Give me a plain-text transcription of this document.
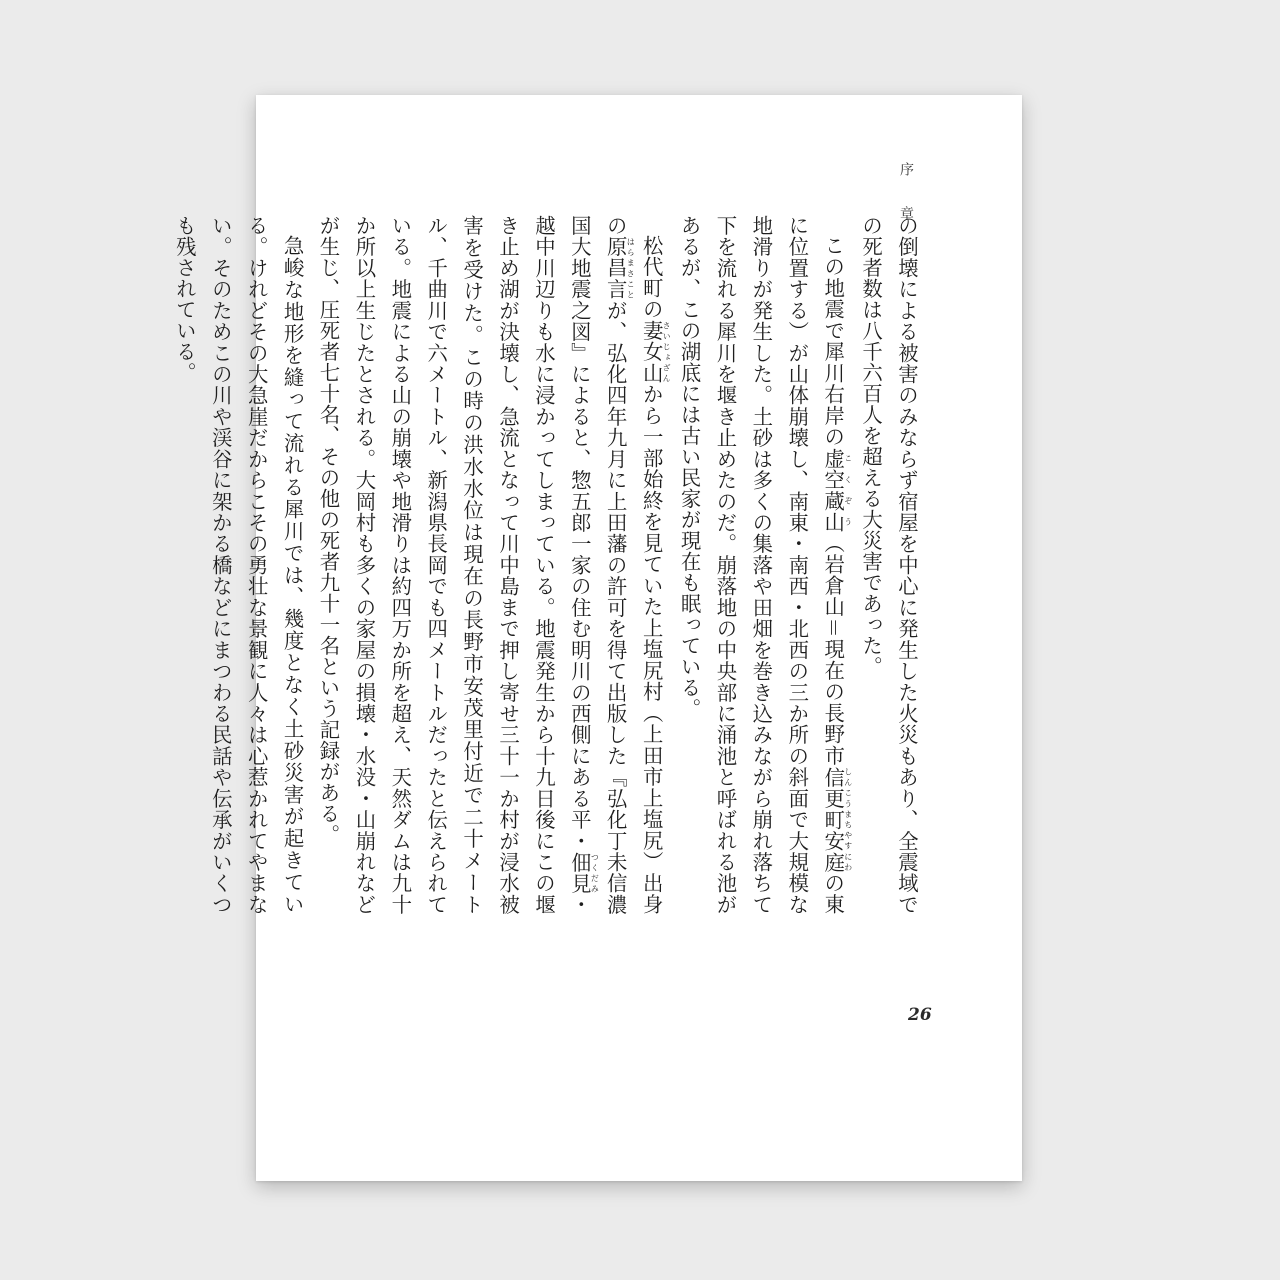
序　章

の倒壊による被害のみならず宿屋を中心に発生した火災もあり、全震域での死者数は八千六百人を超える大災害であった。

この地震で犀川右岸の虚空蔵山こくぞう（岩倉山＝現在の長野市信更町安庭しんこうまちやすにわの東に位置する）が山体崩壊し、南東・南西・北西の三か所の斜面で大規模な地滑りが発生した。土砂は多くの集落や田畑を巻き込みながら崩れ落ちて下を流れる犀川を堰き止めたのだ。崩落地の中央部に涌池と呼ばれる池があるが、この湖底には古い民家が現在も眠っている。

松代町の妻女山さいじょざんから一部始終を見ていた上塩尻村（上田市上塩尻）出身の原昌言はらまさことが、弘化四年九月に上田藩の許可を得て出版した『弘化丁未信濃国大地震之図』によると、惣五郎一家の住む明川の西側にある平・佃見つくだみ・越中川辺りも水に浸かってしまっている。地震発生から十九日後にこの堰き止め湖が決壊し、急流となって川中島まで押し寄せ三十一か村が浸水被害を受けた。この時の洪水水位は現在の長野市安茂里付近で二十メートル、千曲川で六メートル、新潟県長岡でも四メートルだったと伝えられている。地震による山の崩壊や地滑りは約四万か所を超え、天然ダムは九十か所以上生じたとされる。大岡村も多くの家屋の損壊・水没・山崩れなどが生じ、圧死者七十名、その他の死者九十一名という記録がある。

急峻な地形を縫って流れる犀川では、幾度となく土砂災害が起きている。けれどその大急崖だからこその勇壮な景観に人々は心惹かれてやまない。そのためこの川や渓谷に架かる橋などにまつわる民話や伝承がいくつも残されている。

26
